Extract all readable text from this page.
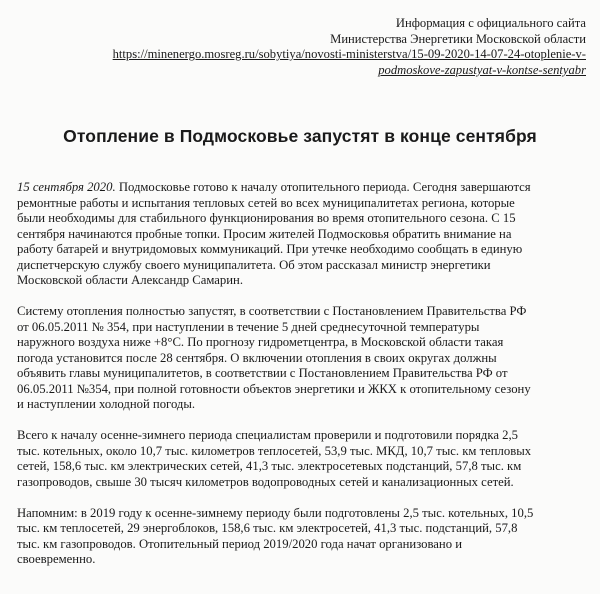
Информация с официального сайта
Министерства Энергетики Московской области
https://minenergo.mosreg.ru/sobytiya/novosti-ministerstva/15-09-2020-14-07-24-otoplenie-v-
podmoskove-zapustyat-v-kontse-sentyabr
Отопление в Подмосковье запустят в конце сентября
15 сентября 2020. Подмосковье готово к началу отопительного периода. Сегодня завершаются
ремонтные работы и испытания тепловых сетей во всех муниципалитетах региона, которые
были необходимы для стабильного функционирования во время отопительного сезона. С 15
сентября начинаются пробные топки. Просим жителей Подмосковья обратить внимание на
работу батарей и внутридомовых коммуникаций. При утечке необходимо сообщать в единую
диспетчерскую службу своего муниципалитета. Об этом рассказал министр энергетики
Московской области Александр Самарин.
Систему отопления полностью запустят, в соответствии с Постановлением Правительства РФ
от 06.05.2011 № 354, при наступлении в течение 5 дней среднесуточной температуры
наружного воздуха ниже +8°С. По прогнозу гидрометцентра, в Московской области такая
погода установится после 28 сентября. О включении отопления в своих округах должны
объявить главы муниципалитетов, в соответствии с Постановлением Правительства РФ от
06.05.2011 №354, при полной готовности объектов энергетики и ЖКХ к отопительному сезону
и наступлении холодной погоды.
Всего к началу осенне-зимнего периода специалистам проверили и подготовили порядка 2,5
тыс. котельных, около 10,7 тыс. километров теплосетей, 53,9 тыс. МКД, 10,7 тыс. км тепловых
сетей, 158,6 тыс. км электрических сетей, 41,3 тыс. электросетевых подстанций, 57,8 тыс. км
газопроводов, свыше 30 тысяч километров водопроводных сетей и канализационных сетей.
Напомним: в 2019 году к осенне-зимнему периоду были подготовлены 2,5 тыс. котельных, 10,5
тыс. км теплосетей, 29 энергоблоков, 158,6 тыс. км электросетей, 41,3 тыс. подстанций, 57,8
тыс. км газопроводов. Отопительный период 2019/2020 года начат организовано и
своевременно.
